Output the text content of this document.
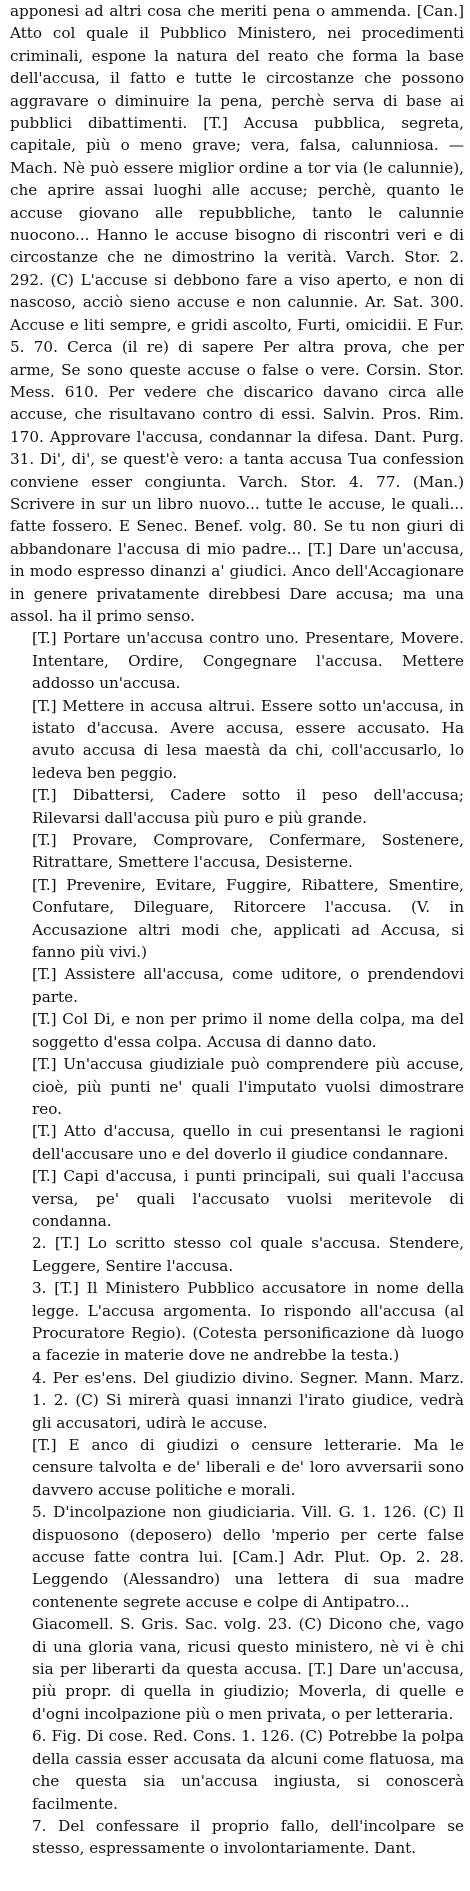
apponesi ad altri cosa che meriti pena o ammenda. [Can.] Atto col quale il Pubblico Ministero, nei procedimenti criminali, espone la natura del reato che forma la base dell'accusa, il fatto e tutte le circostanze che possono aggravare o diminuire la pena, perchè serva di base ai pubblici dibattimenti. [T.] Accusa pubblica, segreta, capitale, più o meno grave; vera, falsa, calunniosa. — Mach. Nè può essere miglior ordine a tor via (le calunnie), che aprire assai luoghi alle accuse; perchè, quanto le accuse giovano alle repubbliche, tanto le calunnie nuocono... Hanno le accuse bisogno di riscontri veri e di circostanze che ne dimostrino la verità. Varch. Stor. 2. 292. (C) L'accuse si debbono fare a viso aperto, e non di nascoso, acciò sieno accuse e non calunnie. Ar. Sat. 300. Accuse e liti sempre, e gridi ascolto, Furti, omicidii. E Fur. 5. 70. Cerca (il re) di sapere Per altra prova, che per arme, Se sono queste accuse o false o vere. Corsin. Stor. Mess. 610. Per vedere che discarico davano circa alle accuse, che risultavano contro di essi. Salvin. Pros. Rim. 170. Approvare l'accusa, condannar la difesa. Dant. Purg. 31. Di', di', se quest'è vero: a tanta accusa Tua confession conviene esser congiunta. Varch. Stor. 4. 77. (Man.) Scrivere in sur un libro nuovo... tutte le accuse, le quali... fatte fossero. E Senec. Benef. volg. 80. Se tu non giuri di abbandonare l'accusa di mio padre... [T.] Dare un'accusa, in modo espresso dinanzi a' giudici. Anco dell'Accagionare in genere privatamente direbbesi Dare accusa; ma una assol. ha il primo senso.

[T.] Portare un'accusa contro uno. Presentare, Movere. Intentare, Ordire, Congegnare l'accusa. Mettere addosso un'accusa.

[T.] Mettere in accusa altrui. Essere sotto un'accusa, in istato d'accusa. Avere accusa, essere accusato. Ha avuto accusa di lesa maestà da chi, coll'accusarlo, lo ledeva ben peggio.

[T.] Dibattersi, Cadere sotto il peso dell'accusa; Rilevarsi dall'accusa più puro e più grande.

[T.] Provare, Comprovare, Confermare, Sostenere, Ritrattare, Smettere l'accusa, Desisterne.

[T.] Prevenire, Evitare, Fuggire, Ribattere, Smentire, Confutare, Dileguare, Ritorcere l'accusa. (V. in Accusazione altri modi che, applicati ad Accusa, si fanno più vivi.)

[T.] Assistere all'accusa, come uditore, o prendendovi parte.

[T.] Col Di, e non per primo il nome della colpa, ma del soggetto d'essa colpa. Accusa di danno dato.

[T.] Un'accusa giudiziale può comprendere più accuse, cioè, più punti ne' quali l'imputato vuolsi dimostrare reo.

[T.] Atto d'accusa, quello in cui presentansi le ragioni dell'accusare uno e del doverlo il giudice condannare.

[T.] Capi d'accusa, i punti principali, sui quali l'accusa versa, pe' quali l'accusato vuolsi meritevole di condanna.

2. [T.] Lo scritto stesso col quale s'accusa. Stendere, Leggere, Sentire l'accusa.

3. [T.] Il Ministero Pubblico accusatore in nome della legge. L'accusa argomenta. Io rispondo all'accusa (al Procuratore Regio). (Cotesta personificazione dà luogo a facezie in materie dove ne andrebbe la testa.)

4. Per es'ens. Del giudizio divino. Segner. Mann. Marz. 1. 2. (C) Si mirerà quasi innanzi l'irato giudice, vedrà gli accusatori, udirà le accuse.

[T.] E anco di giudizi o censure letterarie. Ma le censure talvolta e de' liberali e de' loro avversarii sono davvero accuse politiche e morali.

5. D'incolpazione non giudiciaria. Vill. G. 1. 126. (C) Il dispuosono (deposero) dello 'mperio per certe false accuse fatte contra lui. [Cam.] Adr. Plut. Op. 2. 28. Leggendo (Alessandro) una lettera di sua madre contenente segrete accuse e colpe di Antipatro...

Giacomell. S. Gris. Sac. volg. 23. (C) Dicono che, vago di una gloria vana, ricusi questo ministero, nè vi è chi sia per liberarti da questa accusa. [T.] Dare un'accusa, più propr. di quella in giudizio; Moverla, di quelle e d'ogni incolpazione più o men privata, o per letteraria.

6. Fig. Di cose. Red. Cons. 1. 126. (C) Potrebbe la polpa della cassia esser accusata da alcuni come flatuosa, ma che questa sia un'accusa ingiusta, si conoscerà facilmente.

7. Del confessare il proprio fallo, dell'incolpare se stesso, espressamente o involontariamente. Dant.
